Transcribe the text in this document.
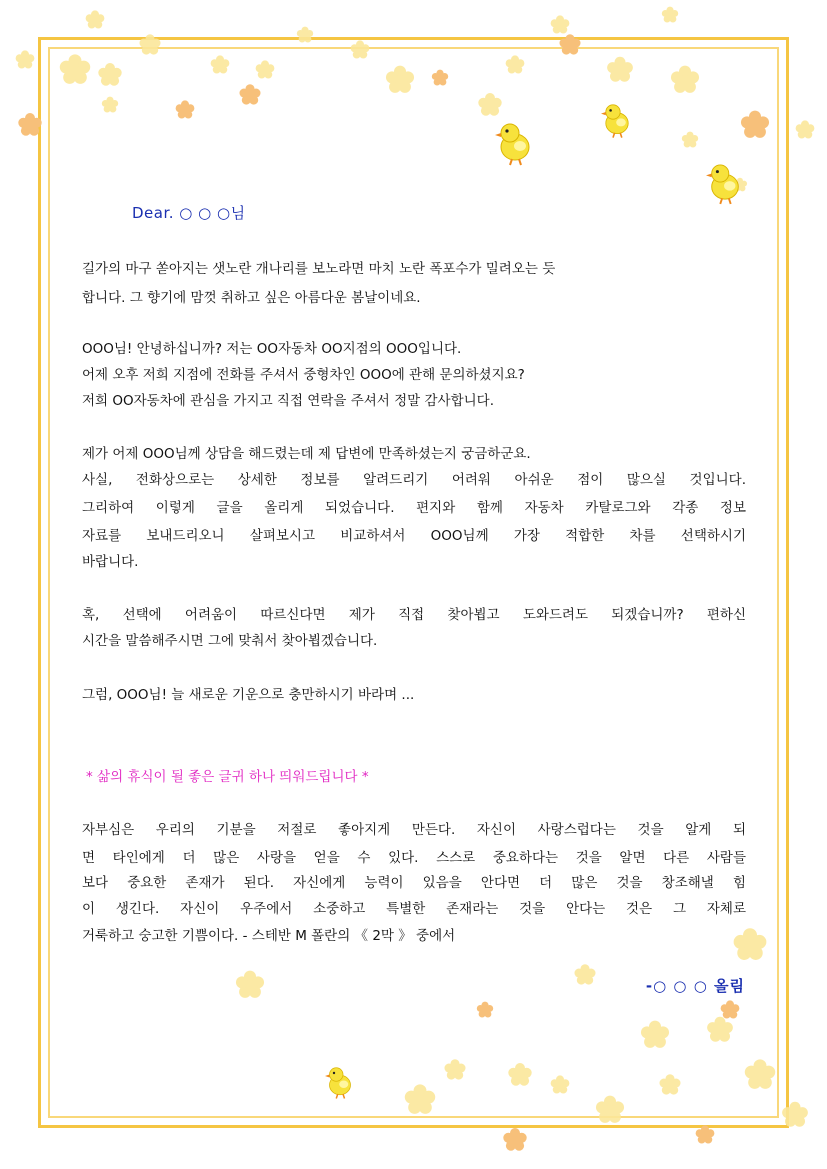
Dear. ○ ○ ○님

길가의 마구 쏟아지는 샛노란 개나리를 보노라면 마치 노란 폭포수가 밀려오는 듯

합니다. 그 향기에 맘껏 취하고 싶은 아름다운 봄날이네요.

OOO님! 안녕하십니까? 저는 OO자동차 OO지점의 OOO입니다.

어제 오후 저희 지점에 전화를 주셔서 중형차인 OOO에 관해 문의하셨지요?

저희 OO자동차에 관심을 가지고 직접 연락을 주셔서 정말 감사합니다.

제가 어제 OOO님께 상담을 해드렸는데 제 답변에 만족하셨는지 궁금하군요.

사실, 전화상으로는 상세한 정보를 알려드리기 어려워 아쉬운 점이 많으실 것입니다.

그리하여 이렇게 글을 올리게 되었습니다. 편지와 함께 자동차 카탈로그와 각종 정보

자료를 보내드리오니 살펴보시고 비교하셔서 OOO님께 가장 적합한 차를 선택하시기

바랍니다.

혹, 선택에 어려움이 따르신다면 제가 직접 찾아뵙고 도와드려도 되겠습니까? 편하신

시간을 말씀해주시면 그에 맞춰서 찾아뵙겠습니다.

그럼, OOO님! 늘 새로운 기운으로 충만하시기 바라며 ...

* 삶의 휴식이 될 좋은 글귀 하나 띄워드립니다 *

자부심은 우리의 기분을 저절로 좋아지게 만든다. 자신이 사랑스럽다는 것을 알게 되

면 타인에게 더 많은 사랑을 얻을 수 있다. 스스로 중요하다는 것을 알면 다른 사람들

보다 중요한 존재가 된다. 자신에게 능력이 있음을 안다면 더 많은 것을 창조해낼 힘

이 생긴다. 자신이 우주에서 소중하고 특별한 존재라는 것을 안다는 것은 그 자체로

거룩하고 숭고한 기쁨이다. - 스테반 M 폴란의 《 2막 》 중에서

-○ ○ ○ 올림
